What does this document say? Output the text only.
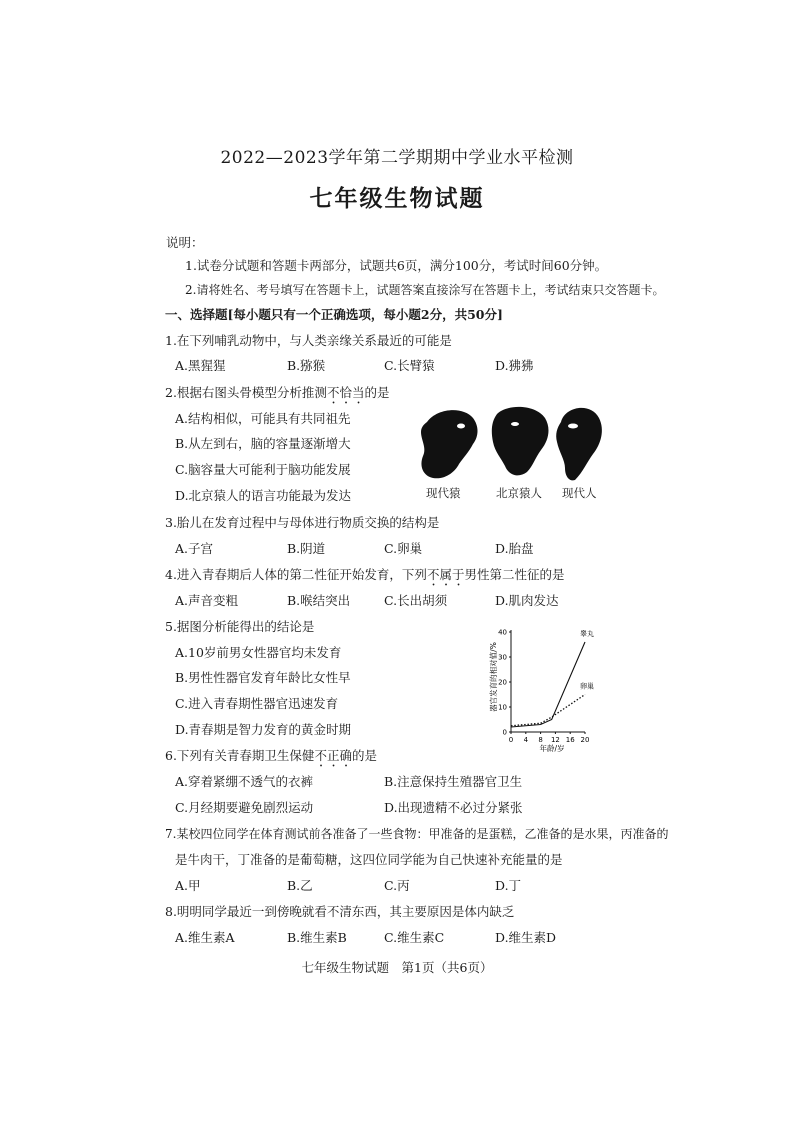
2022—2023学年第二学期期中学业水平检测
七年级生物试题
说明：
1.试卷分试题和答题卡两部分，试题共6页，满分100分，考试时间60分钟。
2.请将姓名、考号填写在答题卡上，试题答案直接涂写在答题卡上，考试结束只交答题卡。
一、选择题[每小题只有一个正确选项，每小题2分，共50分]
1.在下列哺乳动物中，与人类亲缘关系最近的可能是
A.黑猩猩	B.猕猴	C.长臂猿	D.狒狒
2.根据右图头骨模型分析推测不恰当的是
A.结构相似，可能具有共同祖先
B.从左到右，脑的容量逐渐增大
C.脑容量大可能利于脑功能发展
D.北京猿人的语言功能最为发达	现代猿	北京猿人 现代人
3.胎儿在发育过程中与母体进行物质交换的结构是
A.子宫	B.阴道	C.卵巢	D.胎盘
4.进入青春期后人体的第二性征开始发育，下列不属于男性第二性征的是
A.声音变粗	B.喉结突出	C.长出胡须	D.肌肉发达
5.据图分析能得出的结论是
A.10岁前男女性器官均未发育
B.男性性器官发育年龄比女性早
C.进入青春期性器官迅速发育
D.青春期是智力发育的黄金时期
器官发育的相对值/%
0
10
20
30
40
0 4 8 12 16 20
睾丸
卵巢
年龄/岁
6.下列有关青春期卫生保健不正确的是
A.穿着紧绷不透气的衣裤	B.注意保持生殖器官卫生
C.月经期要避免剧烈运动	D.出现遗精不必过分紧张
7.某校四位同学在体育测试前各准备了一些食物：甲准备的是蛋糕，乙准备的是水果，丙准备的
是牛肉干，丁准备的是葡萄糖，这四位同学能为自己快速补充能量的是
A.甲	B.乙	C.丙	D.丁
8.明明同学最近一到傍晚就看不清东西，其主要原因是体内缺乏
A.维生素A	B.维生素B	C.维生素C	D.维生素D
七年级生物试题　第1页（共6页）
